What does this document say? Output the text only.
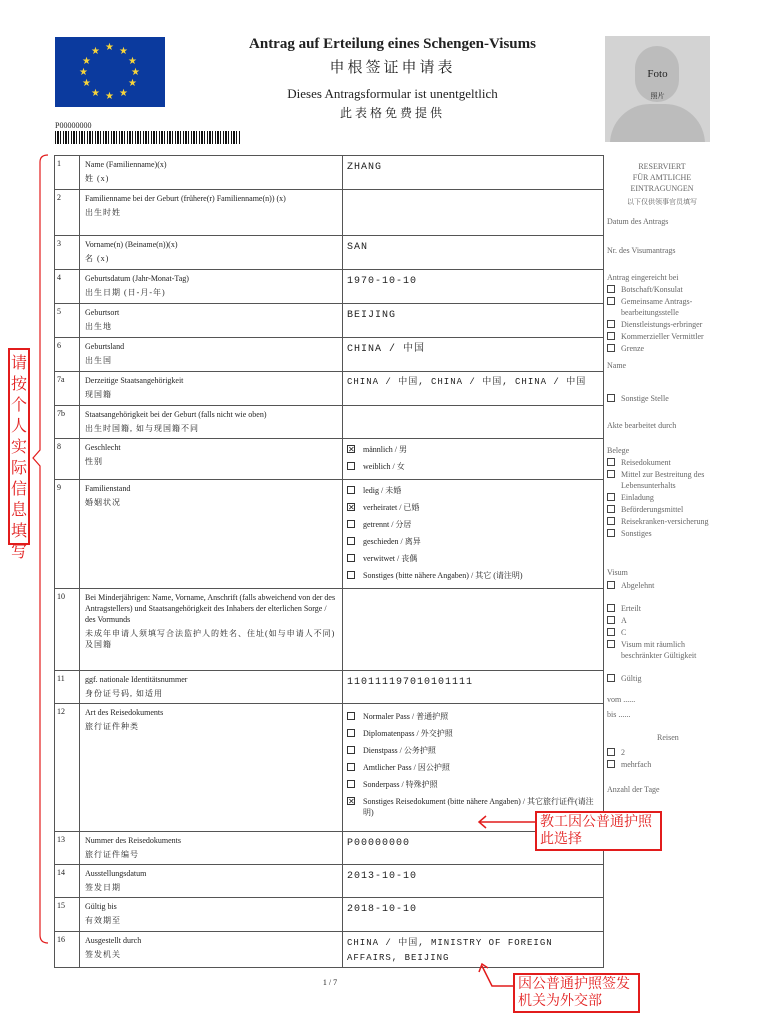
★ ★
★
★
★
★
★
★
★
★
★
★	Antrag auf Erteilung eines Schengen-Visums
申根签证申请表
Dieses Antragsformular ist unentgeltlich
此表格免费提供
Foto
照片
P00000000
1	Name (Familienname)(x)
姓 (x)
ZHANG
2	Familienname bei der Geburt (frühere(r) Familienname(n)) (x)
出生时姓
3	Vorname(n) (Beiname(n))(x)
名 (x)
SAN
4	Geburtsdatum (Jahr-Monat-Tag)
出生日期 (日-月-年)
1970-10-10
5	Geburtsort
出生地
BEIJING
6	Geburtsland
出生国
CHINA / 中国
7a	Derzeitige Staatsangehörigkeit
现国籍
CHINA / 中国, CHINA / 中国, CHINA / 中国
7b	Staatsangehörigkeit bei der Geburt (falls nicht wie oben)
出生时国籍, 如与现国籍不同
8	Geschlecht
性别
✕ männlich / 男
weiblich / 女
9	Familienstand
婚姻状况
ledig / 未婚
✕ verheiratet / 已婚
getrennt / 分居
geschieden / 离异
verwitwet / 丧偶
Sonstiges (bitte nähere Angaben) / 其它 (请注明)
10	Bei Minderjährigen: Name, Vorname, Anschrift (falls abweichend von der des Antragstellers) und Staatsangehörigkeit des Inhabers der elterlichen Sorge / des Vormunds
未成年申请人须填写合法监护人的姓名、住址(如与申请人不同)及国籍
11	ggf. nationale Identitätsnummer
身份证号码, 如适用
110111197010101111
12	Art des Reisedokuments
旅行证件种类
Normaler Pass / 普通护照
Diplomatenpass / 外交护照
Dienstpass / 公务护照
Amtlicher Pass / 因公护照
Sonderpass / 特殊护照
✕ Sonstiges Reisedokument (bitte nähere Angaben) / 其它旅行证件(请注明)
13	Nummer des Reisedokuments
旅行证件编号
P00000000
14	Ausstellungsdatum
签发日期
2013-10-10
15	Gültig bis
有效期至
2018-10-10
16	Ausgestellt durch
签发机关
CHINA / 中国, MINISTRY OF FOREIGN AFFAIRS, BEIJING
RESERVIERT
FÜR AMTLICHE
EINTRAGUNGEN
以下仅供领事官员填写
Datum des Antrags
Nr. des Visumantrags
Antrag eingereicht bei
Botschaft/Konsulat
Gemeinsame Antrags-bearbeitungsstelle
Dienstleistungs-erbringer
Kommerzieller Vermittler
Grenze
Name
Sonstige Stelle
Akte bearbeitet durch
Belege
Reisedokument
Mittel zur Bestreitung des Lebensunterhalts
Einladung
Beförderungsmittel
Reisekranken-versicherung
Sonstiges
Visum
Abgelehnt
Erteilt
A
C
Visum mit räumlich beschränkter Gültigkeit
Gültig
vom ......
bis ......
Reisen
2
mehrfach
Anzahl der Tage
请按个人实际信息填写
教工因公普通护照此选择
因公普通护照签发机关为外交部
1 / 7
